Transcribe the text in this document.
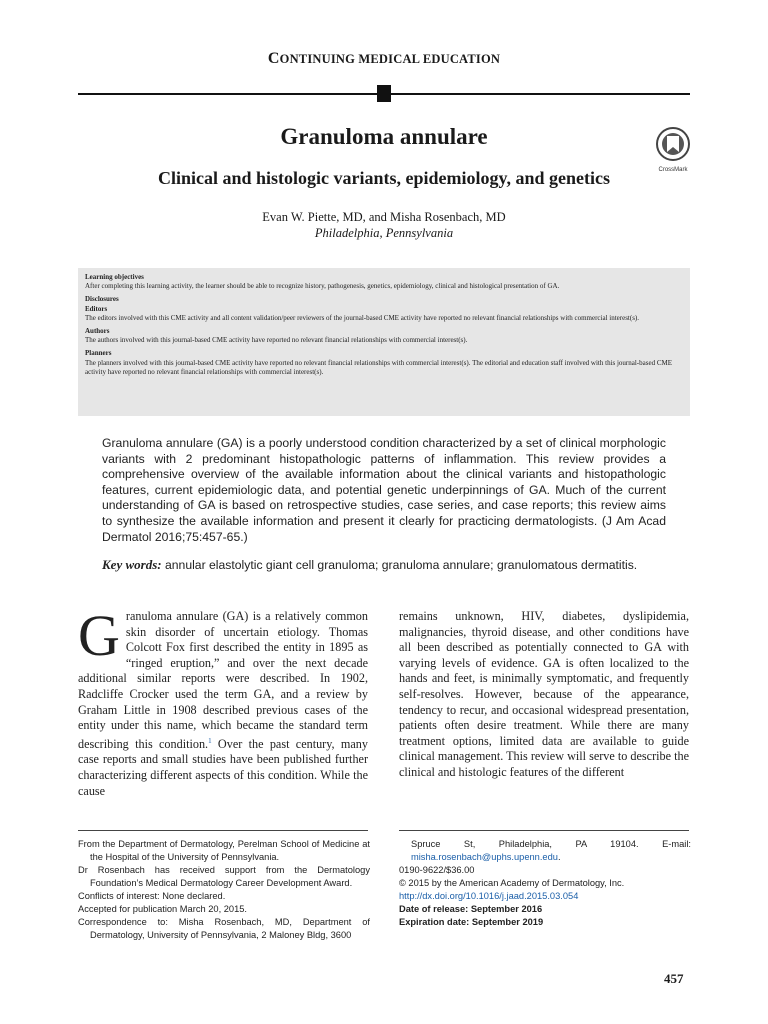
CONTINUING MEDICAL EDUCATION
Granuloma annulare
CrossMark
Clinical and histologic variants, epidemiology, and genetics
Evan W. Piette, MD, and Misha Rosenbach, MD
Philadelphia, Pennsylvania
Learning objectives
After completing this learning activity, the learner should be able to recognize history, pathogenesis, genetics, epidemiology, clinical and histological presentation of GA.
Disclosures
Editors
The editors involved with this CME activity and all content validation/peer reviewers of the journal-based CME activity have reported no relevant financial relationships with commercial interest(s).
Authors
The authors involved with this journal-based CME activity have reported no relevant financial relationships with commercial interest(s).
Planners
The planners involved with this journal-based CME activity have reported no relevant financial relationships with commercial interest(s). The editorial and education staff involved with this journal-based CME activity have reported no relevant financial relationships with commercial interest(s).
Granuloma annulare (GA) is a poorly understood condition characterized by a set of clinical morphologic variants with 2 predominant histopathologic patterns of inflammation. This review provides a comprehensive overview of the available information about the clinical variants and histopathologic features, current epidemiologic data, and potential genetic underpinnings of GA. Much of the current understanding of GA is based on retrospective studies, case series, and case reports; this review aims to synthesize the available information and present it clearly for practicing dermatologists. (J Am Acad Dermatol 2016;75:457-65.)
Key words: annular elastolytic giant cell granuloma; granuloma annulare; granulomatous dermatitis.
Granuloma annulare (GA) is a relatively common skin disorder of uncertain etiology. Thomas Colcott Fox first described the entity in 1895 as “ringed eruption,” and over the next decade additional similar reports were described. In 1902, Radcliffe Crocker used the term GA, and a review by Graham Little in 1908 described previous cases of the entity under this name, which became the standard term describing this condition.$^1$ Over the past century, many case reports and small studies have been published further characterizing different aspects of this condition. While the cause
remains unknown, HIV, diabetes, dyslipidemia, malignancies, thyroid disease, and other conditions have all been described as potentially connected to GA with varying levels of evidence. GA is often localized to the hands and feet, is minimally symptomatic, and frequently self-resolves. However, because of the appearance, tendency to recur, and occasional widespread presentation, patients often desire treatment. While there are many treatment options, limited data are available to guide clinical management. This review will serve to describe the clinical and histologic features of the different
From the Department of Dermatology, Perelman School of Medicine at the Hospital of the University of Pennsylvania.
Dr Rosenbach has received support from the Dermatology Foundation’s Medical Dermatology Career Development Award.
Conflicts of interest: None declared.
Accepted for publication March 20, 2015.
Correspondence to: Misha Rosenbach, MD, Department of Dermatology, University of Pennsylvania, 2 Maloney Bldg, 3600
Spruce St, Philadelphia, PA 19104. E-mail: misha.rosenbach@uphs.upenn.edu.
0190-9622/$36.00
© 2015 by the American Academy of Dermatology, Inc.
http://dx.doi.org/10.1016/j.jaad.2015.03.054
Date of release: September 2016
Expiration date: September 2019
457
